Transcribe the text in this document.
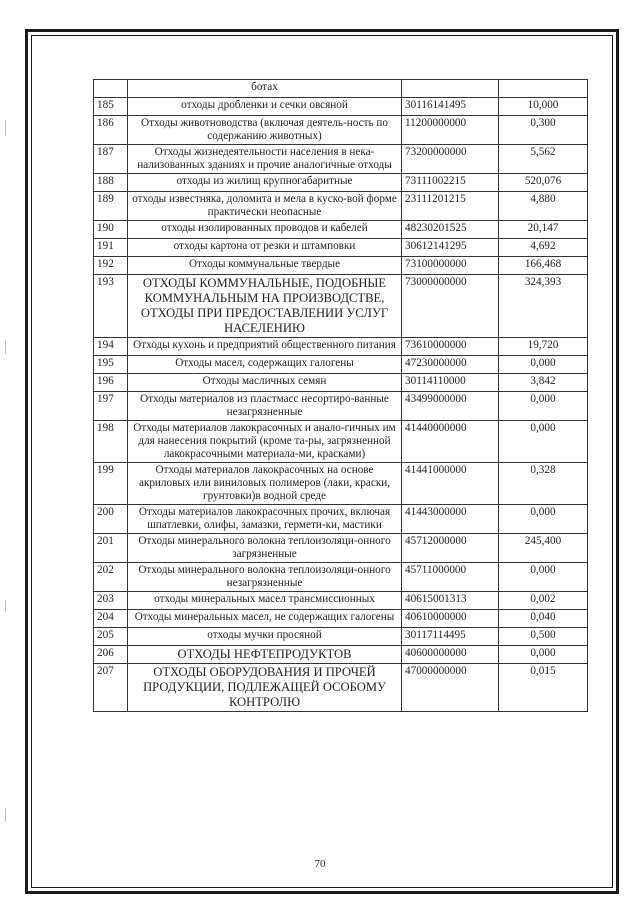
	ботах		
185	отходы дробленки и сечки овсяной	30116141495	10,000
186	Отходы животноводства (включая деятель-ность по содержанию животных)	11200000000	0,300
187	Отходы жизнедеятельности населения в нека-нализованных зданиях и прочие аналогичные отходы	73200000000	5,562
188	отходы из жилищ крупногабаритные	73111002215	520,076
189	отходы известняка, доломита и мела в куско-вой форме практически неопасные	23111201215	4,880
190	отходы изолированных проводов и кабелей	48230201525	20,147
191	отходы картона от резки и штамповки	30612141295	4,692
192	Отходы коммунальные твердые	73100000000	166,468
193	ОТХОДЫ КОММУНАЛЬНЫЕ, ПОДОБНЫЕ КОММУНАЛЬНЫМ НА ПРОИЗВОДСТВЕ, ОТХОДЫ ПРИ ПРЕДОСТАВЛЕНИИ УСЛУГ НАСЕЛЕНИЮ	73000000000	324,393
194	Отходы кухонь и предприятий общественного питания	73610000000	19,720
195	Отходы масел, содержащих галогены	47230000000	0,000
196	Отходы масличных семян	30114110000	3,842
197	Отходы материалов из пластмасс несортиро-ванные незагрязненные	43499000000	0,000
198	Отходы материалов лакокрасочных и анало-гичных им для нанесения покрытий (кроме та-ры, загрязненной лакокрасочными материала-ми, красками)	41440000000	0,000
199	Отходы материалов лакокрасочных на основе акриловых или виниловых полимеров (лаки, краски, грунтовки)в водной среде	41441000000	0,328
200	Отходы материалов лакокрасочных прочих, включая шпатлевки, олифы, замазки, гермети-ки, мастики	41443000000	0,000
201	Отходы минерального волокна теплоизоляци-онного загрязненные	45712000000	245,400
202	Отходы минерального волокна теплоизоляци-онного незагрязненные	45711000000	0,000
203	отходы минеральных масел трансмиссионных	40615001313	0,002
204	Отходы минеральных масел, не содержащих галогены	40610000000	0,040
205	отходы мучки просяной	30117114495	0,500
206	ОТХОДЫ НЕФТЕПРОДУКТОВ	40600000000	0,000
207	ОТХОДЫ ОБОРУДОВАНИЯ И ПРОЧЕЙ ПРОДУКЦИИ, ПОДЛЕЖАЩЕЙ ОСОБОМУ КОНТРОЛЮ	47000000000	0,015
70
